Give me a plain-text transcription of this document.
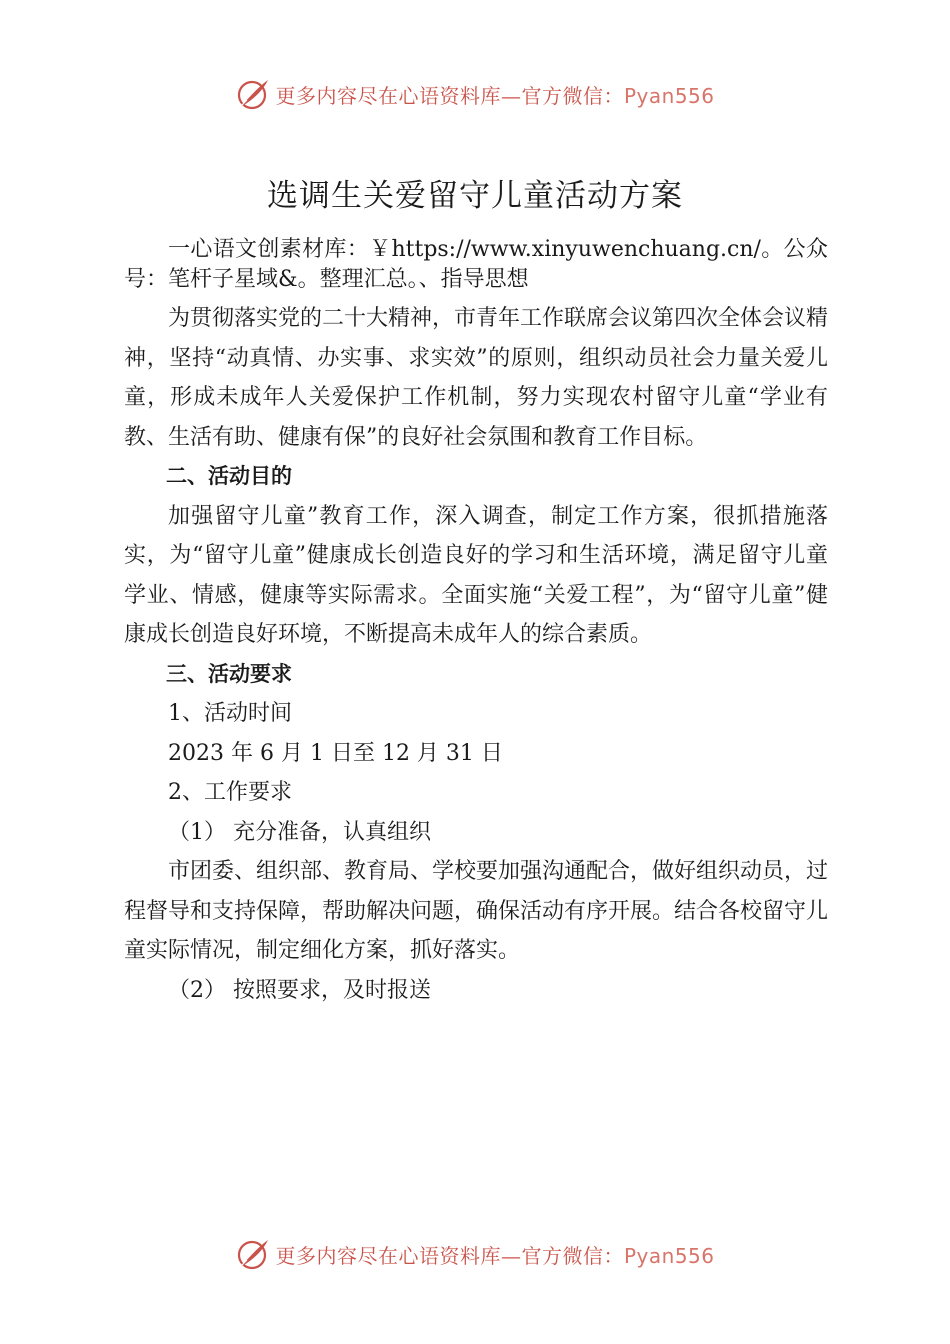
更多内容尽在心语资料库—官方微信：Pyan556
选调生关爱留守儿童活动方案

一心语文创素材库：￥https://www.xinyuwenchuang.cn/。公众号：笔杆子星域&。整理汇总。、指导思想

为贯彻落实党的二十大精神，市青年工作联席会议第四次全体会议精神，坚持“动真情、办实事、求实效”的原则，组织动员社会力量关爱儿童，形成未成年人关爱保护工作机制，努力实现农村留守儿童“学业有教、生活有助、健康有保”的良好社会氛围和教育工作目标。

二、活动目的

加强留守儿童”教育工作，深入调查，制定工作方案，很抓措施落实，为“留守儿童”健康成长创造良好的学习和生活环境，满足留守儿童学业、情感，健康等实际需求。全面实施“关爱工程”，为“留守儿童”健康成长创造良好环境，不断提高未成年人的综合素质。

三、活动要求

1、活动时间

2023 年 6 月 1 日至 12 月 31 日

2、工作要求

（1） 充分准备，认真组织

市团委、组织部、教育局、学校要加强沟通配合，做好组织动员，过程督导和支持保障，帮助解决问题，确保活动有序开展。结合各校留守儿童实际情况，制定细化方案，抓好落实。

（2） 按照要求，及时报送

更多内容尽在心语资料库—官方微信：Pyan556
